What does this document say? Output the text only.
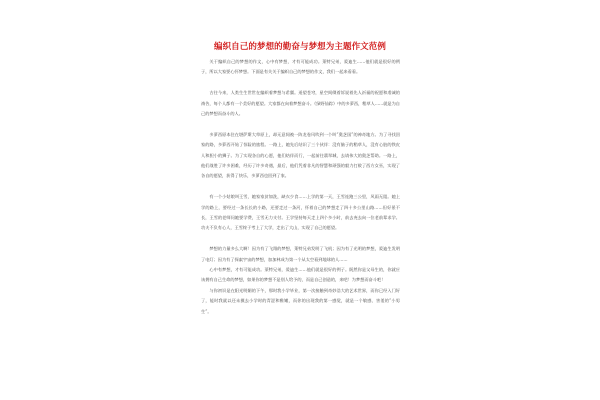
编织自己的梦想的勤奋与梦想为主题作文范例

关于编织自己的梦想的作文，心中有梦想，才有可能成功。莱特兄弟，爱迪生……他们就是很好的例子，所以大家要心怀梦想。下面是有关关于编织自己的梦想的作文，我们一起来看看。

古往今来，人类生生世世在编织着梦想与希翼。遥望苍穹，星空间缀着诉说着先人祈福的祝愿和虔诚的祷告，每个人都有一个美好的愿望。大家都在向着梦想奋斗。《绿野仙踪》中的多萝西，稻草人……就是为自己的梦想而奋斗的人。

多萝西原本住在堪萨斯大草原上，却无意间被一阵龙卷风吹到一个叫“奥芝国”的神奇地方。为了寻找回家的路，多萝西开始了惊险的旅程。一路上，她先后结识了三个伙伴：没有脑子的稻草人，没有心脏的铁皮人和胆小的狮子。为了实现各自的心愿，他们结伴而行，一起前往翡翠城，去请伟大的奥芝帮助。一路上，他们战胜了许多困难，经历了许多奇遇，最后，他们凭着非凡的智慧和顽强的毅力打败了西方女巫，实现了各自的愿望，获得了快乐，多萝西也回到了家。

有一个小姑娘叫王雪，她家家贫如洗，缺衣少食……上学的第一天，王雪连跑三公里，风雨无阻。她上学的路上，要经过一条长长的小路，还要走过一条河，怀着自己的梦想走了四十多公里山路……但好景不长，王雪的老师问她要学费，王雪无力支付。王学坚持每天走上四个多小时，前去充去向一位老前辈求学。功夫不负有心人，王雪终于考上了大学，走出了大山，实现了自己的愿望。

梦想的力量多么大啊！因为有了飞翔的梦想，莱特兄弟发明了飞机；因为有了光明的梦想，爱迪生发明了电灯；因为有了探索宇宙的梦想，加加林成为第一个从太空看到地球的人……

心中有梦想，才有可能成功。莱特兄弟，爱迪生……他们就是很好的例子。既然你是父母生的，你就应该拥有自己生命的梦想，如果你的梦想不是别人给予的，而是自己创造的，来吧！为梦想而奋斗吧！

与你初识是在阳光明媚的下午，那时我小学毕业，第一次接触到奇妙浩大的艺术世界，而你已经入门好了，能时我就以还未摸去小学时的青涩和稚嫩，而你的出现我的第一感觉，就是一个敏感、害羞的“小男生”。
